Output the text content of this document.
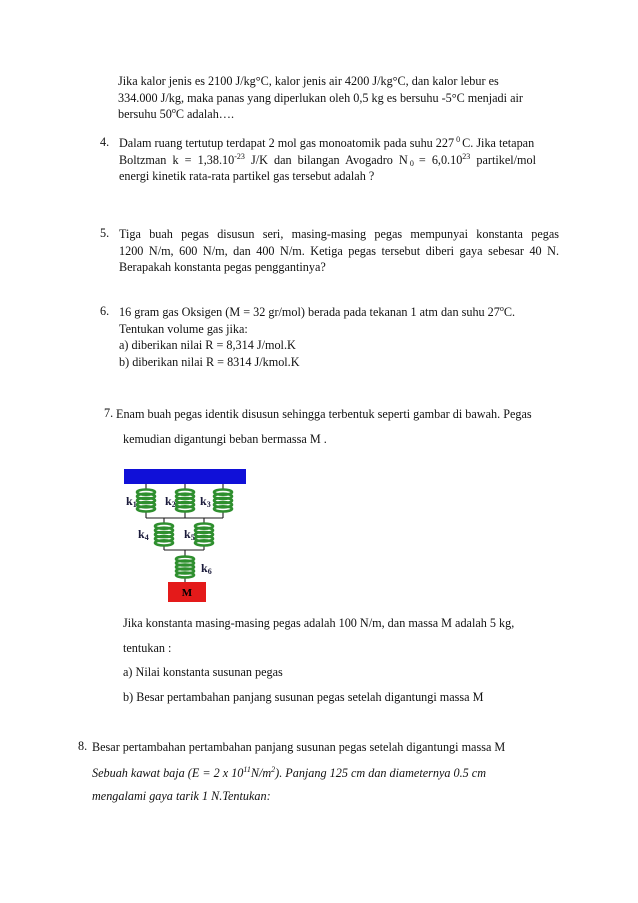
Jika kalor jenis es 2100 J/kg°C, kalor jenis air 4200 J/kg°C, dan kalor lebur es
334.000 J/kg, maka panas yang diperlukan oleh 0,5 kg es bersuhu -5°C menjadi air
bersuhu 50$^o$C adalah….
4. Dalam ruang tertutup terdapat 2 mol gas monoatomik pada suhu 227 $^0$ C. Jika tetapan
Boltzman  $k = 1,38.10^{-23}$  J/K  dan  bilangan  Avogadro  N $_0$  =  6,0.10$^{23}$  partikel/mol
energi kinetik rata-rata partikel gas tersebut adalah ?
5. Tiga buah pegas disusun seri, masing-masing pegas mempunyai konstanta pegas
1200 N/m, 600 N/m, dan 400 N/m. Ketiga pegas tersebut diberi gaya sebesar 40 N.
Berapakah konstanta pegas penggantinya?
6. 16 gram gas Oksigen (M = 32 gr/mol) berada pada tekanan 1 atm dan suhu 27$^o$C.
Tentukan volume gas jika:
a) diberikan nilai R = 8,314 J/mol.K
b) diberikan nilai R = 8314 J/kmol.K
7. Enam buah pegas identik disusun sehingga terbentuk seperti gambar di bawah. Pegas
kemudian digantungi beban bermassa M .
M
k1 k2 k3
k4	k5
k6
Jika konstanta masing-masing pegas adalah 100 N/m, dan massa M adalah 5 kg,
tentukan :
a) Nilai konstanta susunan pegas
b) Besar pertambahan panjang susunan pegas setelah digantungi massa M
8. Besar pertambahan pertambahan panjang susunan pegas setelah digantungi massa M
Sebuah kawat baja (E = 2 x $10^{11}N/m^2$). Panjang 125 cm dan diameternya 0.5 cm
mengalami gaya tarik 1 N.Tentukan:
